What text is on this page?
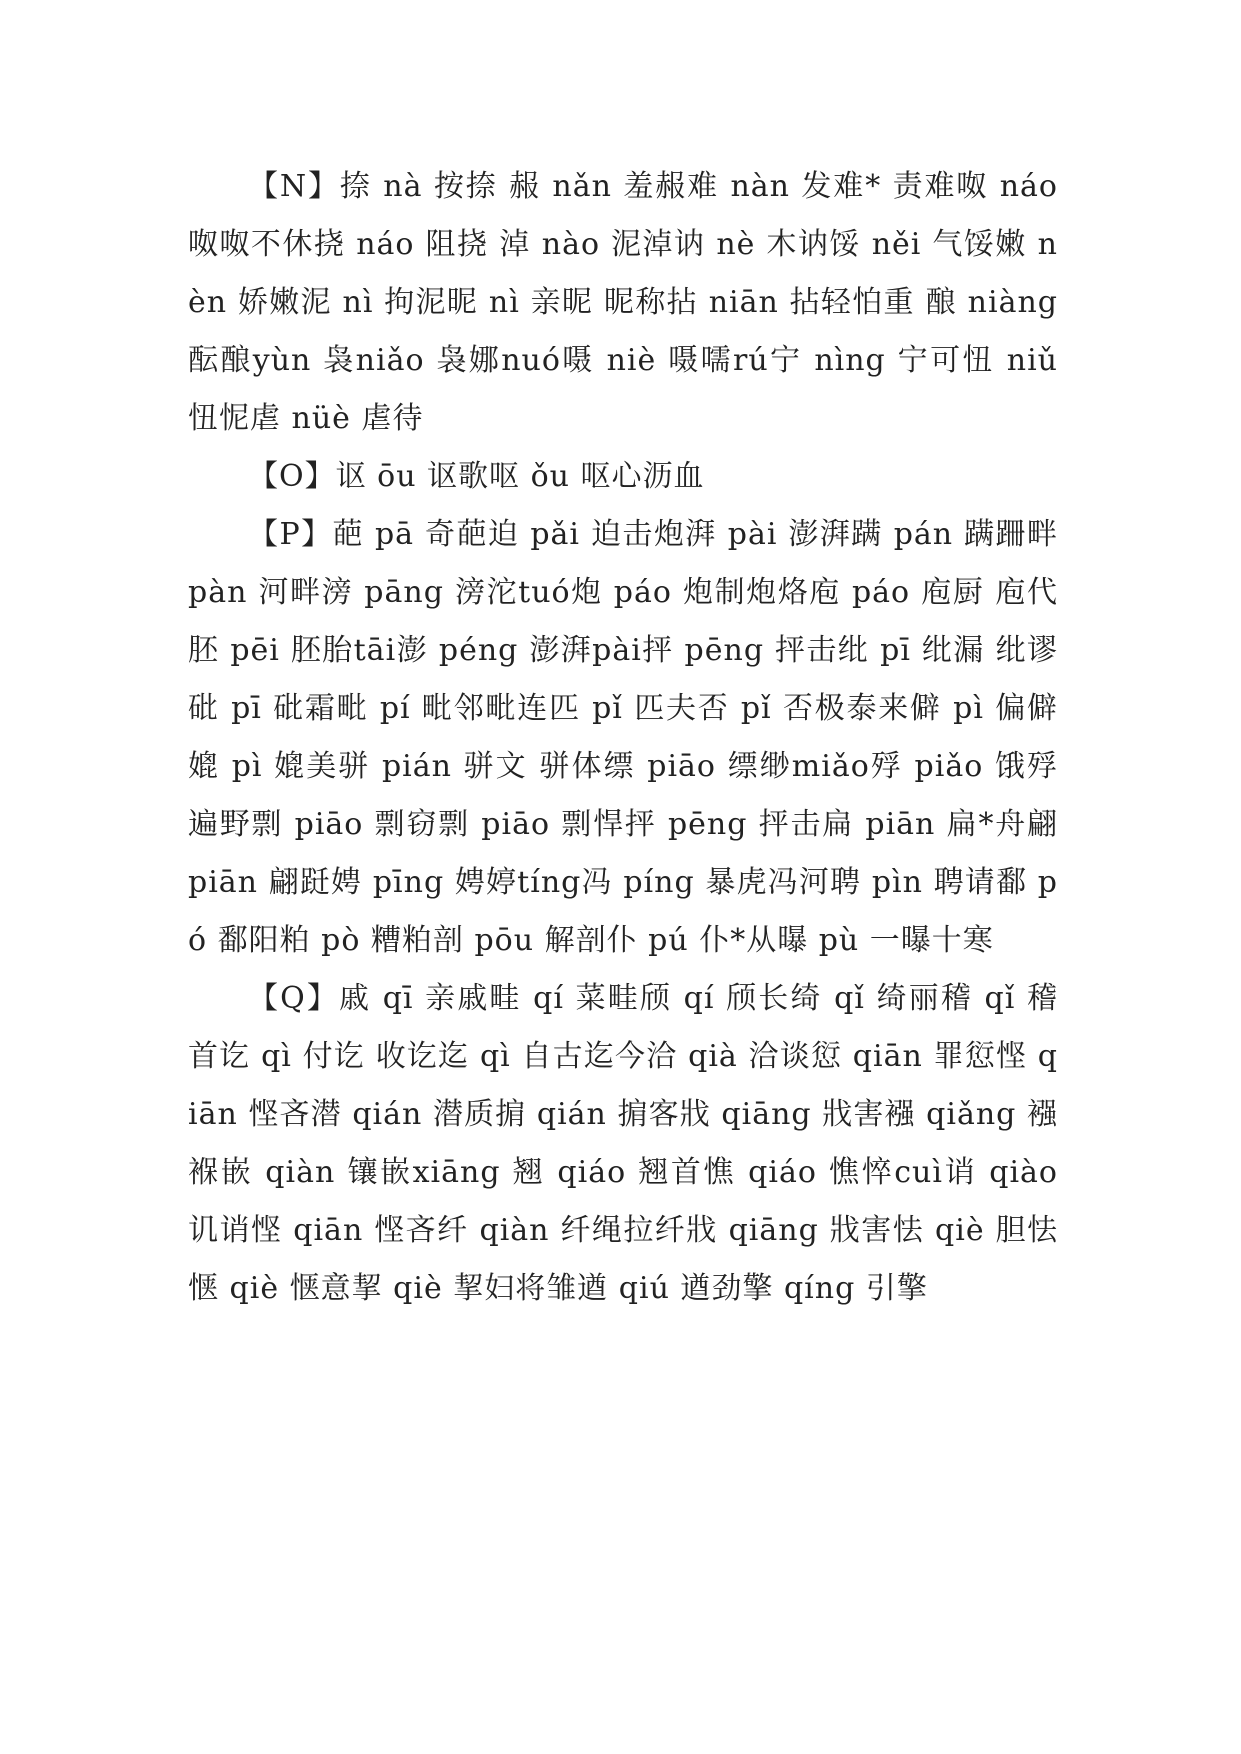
【N】捺 nà 按捺 赧 nǎn 羞赧难 nàn 发难* 责难呶 náo 呶呶不休挠 náo 阻挠 淖 nào 泥淖讷 nè 木讷馁 něi 气馁嫩 nèn 娇嫩泥 nì 拘泥昵 nì 亲昵 昵称拈 niān 拈轻怕重 酿 niàng 酝酿yùn 袅niǎo 袅娜nuó嗫 niè 嗫嚅rú宁 nìng 宁可忸 niǔ 忸怩虐 nüè 虐待

【O】讴 ōu 讴歌呕 ǒu 呕心沥血

【P】葩 pā 奇葩迫 pǎi 迫击炮湃 pài 澎湃蹒 pán 蹒跚畔 pàn 河畔滂 pāng 滂沱tuó炮 páo 炮制炮烙庖 páo 庖厨 庖代胚 pēi 胚胎tāi澎 péng 澎湃pài抨 pēng 抨击纰 pī 纰漏 纰谬砒 pī 砒霜毗 pí 毗邻毗连匹 pǐ 匹夫否 pǐ 否极泰来僻 pì 偏僻媲 pì 媲美骈 pián 骈文 骈体缥 piāo 缥缈miǎo殍 piǎo 饿殍遍野剽 piāo 剽窃剽 piāo 剽悍抨 pēng 抨击扁 piān 扁*舟翩 piān 翩跹娉 pīng 娉婷tíng冯 píng 暴虎冯河聘 pìn 聘请鄱 pó 鄱阳粕 pò 糟粕剖 pōu 解剖仆 pú 仆*从曝 pù 一曝十寒

【Q】戚 qī 亲戚畦 qí 菜畦颀 qí 颀长绮 qǐ 绮丽稽 qǐ 稽首讫 qì 付讫 收讫迄 qì 自古迄今洽 qià 洽谈愆 qiān 罪愆悭 qiān 悭吝潜 qián 潜质掮 qián 掮客戕 qiāng 戕害襁 qiǎng 襁褓嵌 qiàn 镶嵌xiāng 翘 qiáo 翘首憔 qiáo 憔悴cuì诮 qiào 讥诮悭 qiān 悭吝纤 qiàn 纤绳拉纤戕 qiāng 戕害怯 qiè 胆怯惬 qiè 惬意挈 qiè 挈妇将雏遒 qiú 遒劲擎 qíng 引擎
